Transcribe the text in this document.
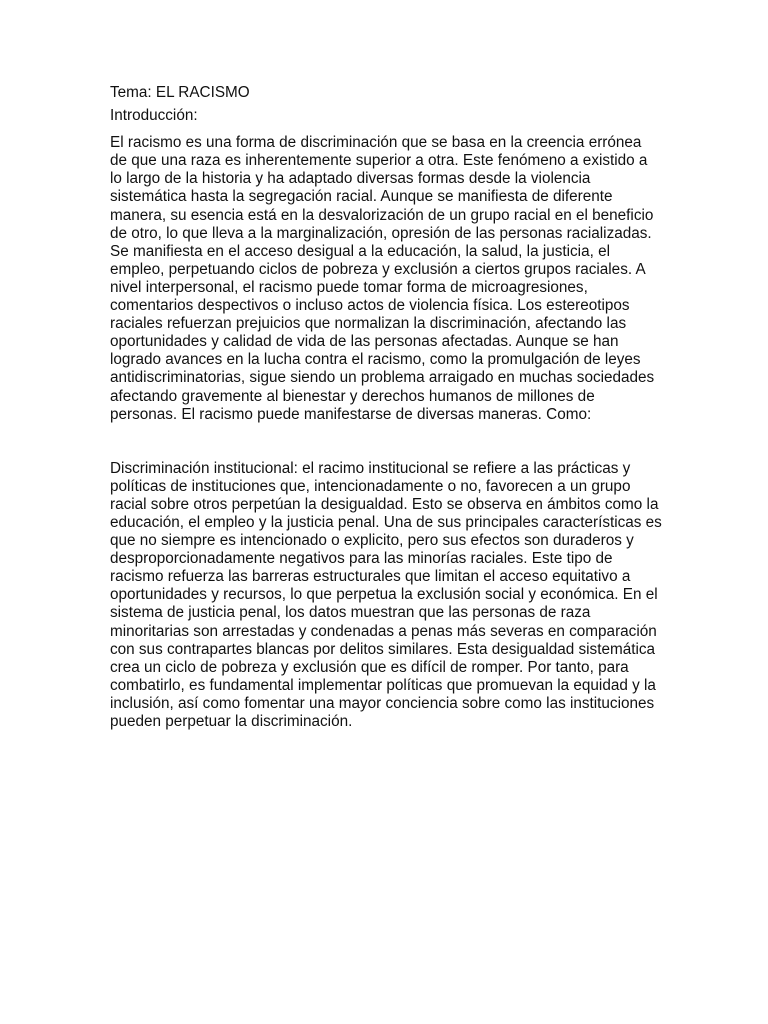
Tema: EL RACISMO

Introducción:

El racismo es una forma de discriminación que se basa en la creencia errónea de que una raza es inherentemente superior a otra. Este fenómeno a existido a lo largo de la historia y ha adaptado diversas formas desde la violencia sistemática hasta la segregación racial. Aunque se manifiesta de diferente manera, su esencia está en la desvalorización de un grupo racial en el beneficio de otro, lo que lleva a la marginalización, opresión de las personas racializadas. Se manifiesta en el acceso desigual a la educación, la salud, la justicia, el empleo, perpetuando ciclos de pobreza y exclusión a ciertos grupos raciales. A nivel interpersonal, el racismo puede tomar forma de microagresiones, comentarios despectivos o incluso actos de violencia física. Los estereotipos raciales refuerzan prejuicios que normalizan la discriminación, afectando las oportunidades y calidad de vida de las personas afectadas. Aunque se han logrado avances en la lucha contra el racismo, como la promulgación de leyes antidiscriminatorias, sigue siendo un problema arraigado en muchas sociedades afectando gravemente al bienestar y derechos humanos de millones de personas. El racismo puede manifestarse de diversas maneras. Como:

Discriminación institucional: el racimo institucional se refiere a las prácticas y políticas de instituciones que, intencionadamente o no, favorecen a un grupo racial sobre otros perpetúan la desigualdad. Esto se observa en ámbitos como la educación, el empleo y la justicia penal. Una de sus principales características es que no siempre es intencionado o explicito, pero sus efectos son duraderos y desproporcionadamente negativos para las minorías raciales. Este tipo de racismo refuerza las barreras estructurales que limitan el acceso equitativo a oportunidades y recursos, lo que perpetua la exclusión social y económica. En el sistema de justicia penal, los datos muestran que las personas de raza minoritarias son arrestadas y condenadas a penas más severas en comparación con sus contrapartes blancas por delitos similares. Esta desigualdad sistemática crea un ciclo de pobreza y exclusión que es difícil de romper. Por tanto, para combatirlo, es fundamental implementar políticas que promuevan la equidad y la inclusión, así como fomentar una mayor conciencia sobre como las instituciones pueden perpetuar la discriminación.
